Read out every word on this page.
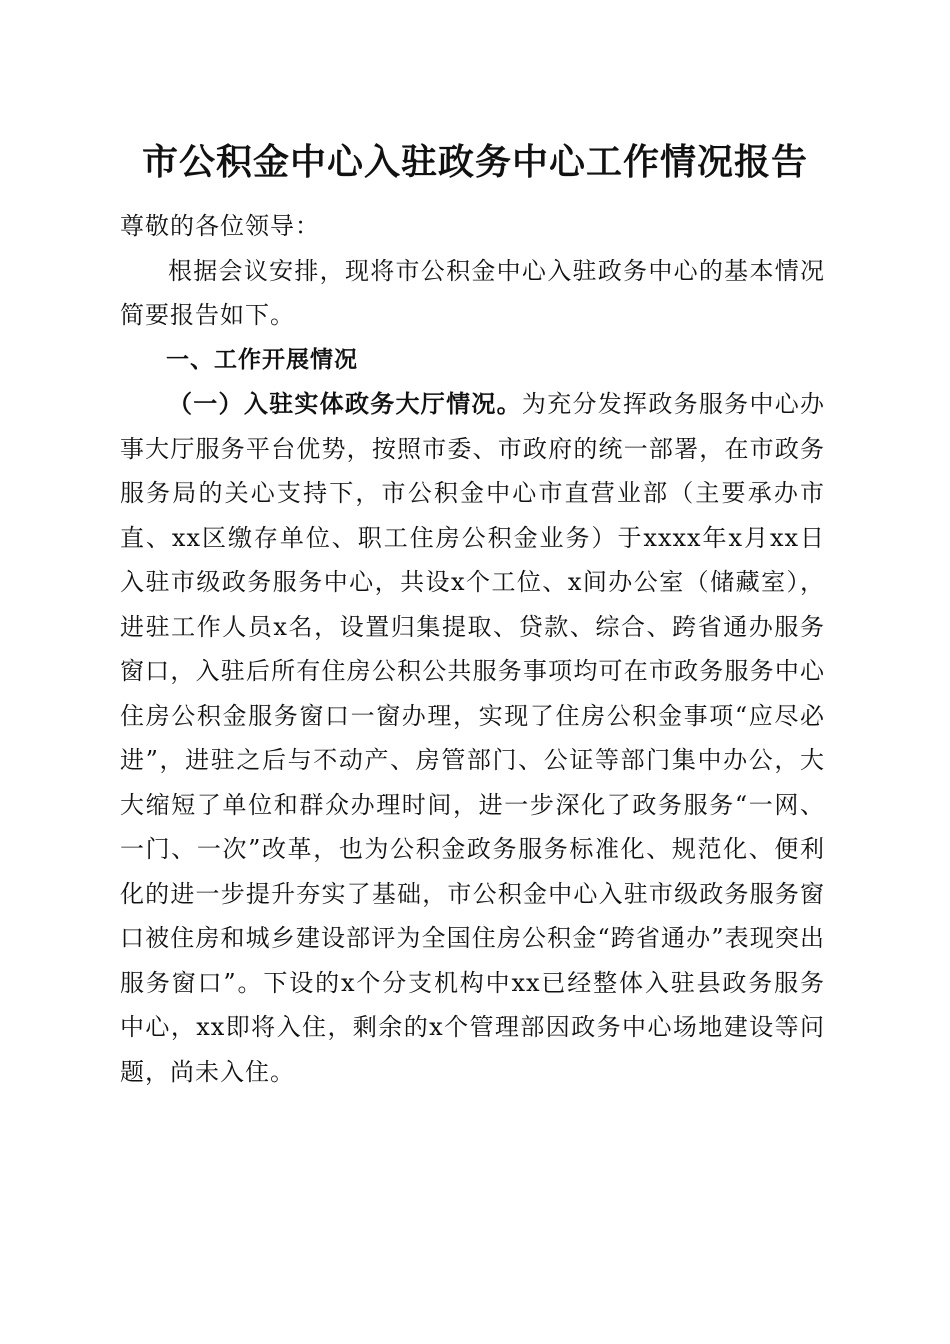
市公积金中心入驻政务中心工作情况报告

尊敬的各位领导：

根据会议安排，现将市公积金中心入驻政务中心的基本情况简要报告如下。

一、工作开展情况

（一）入驻实体政务大厅情况。为充分发挥政务服务中心办事大厅服务平台优势，按照市委、市政府的统一部署，在市政务服务局的关心支持下，市公积金中心市直营业部（主要承办市直、xx区缴存单位、职工住房公积金业务）于xxxx年x月xx日入驻市级政务服务中心，共设x个工位、x间办公室（储藏室），进驻工作人员x名，设置归集提取、贷款、综合、跨省通办服务窗口，入驻后所有住房公积公共服务事项均可在市政务服务中心住房公积金服务窗口一窗办理，实现了住房公积金事项“应尽必进”，进驻之后与不动产、房管部门、公证等部门集中办公，大大缩短了单位和群众办理时间，进一步深化了政务服务“一网、一门、一次”改革，也为公积金政务服务标准化、规范化、便利化的进一步提升夯实了基础，市公积金中心入驻市级政务服务窗口被住房和城乡建设部评为全国住房公积金“跨省通办”表现突出服务窗口”。下设的x个分支机构中xx已经整体入驻县政务服务中心，xx即将入住，剩余的x个管理部因政务中心场地建设等问题，尚未入住。
